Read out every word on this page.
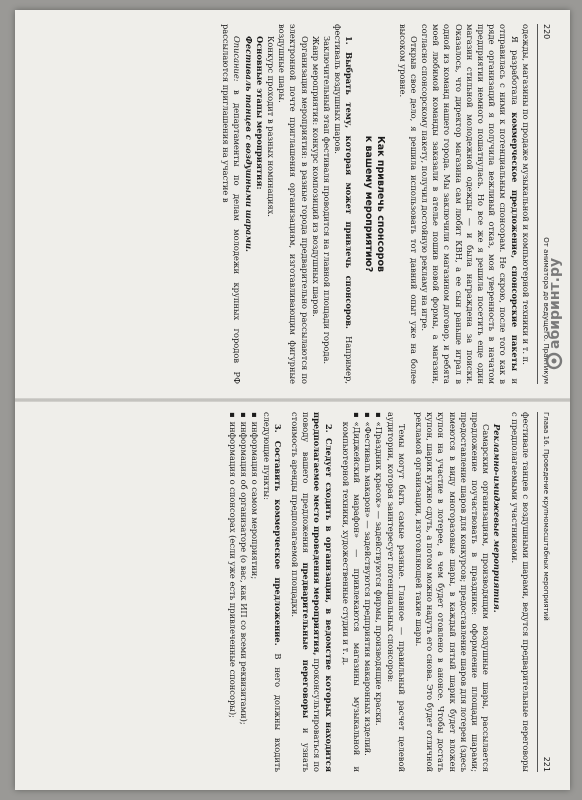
220
От аниматора до ведущего. Практикум

одежды, магазины по продаже музыкальной и компьютерной техники и т. п.

Я разработала коммерческое предложение, спонсорские пакеты и отправилась с ними к потенциальным спонсорам. Не скрою, после того как в ряде организаций я получила вежливый отказ, моя уверенность в начатом предприятии немного пошатнулась. Но все же я решила посетить еще один магазин стильной молодежной одежды — и была награждена за поиски. Оказалось, что директор магазина сам любит КВН, а ее сын раньше играл в одной из команд нашего города. Мы заключили с магазином договор, и ребята моей любимой команды заказали в ателье пошив новой формы, а магазин, согласно спонсорскому пакету, получил достойную рекламу на игре.

Открыв свое дело, я решила использовать тот давний опыт уже на более высоком уровне.

Как привлечь спонсоров
к вашему мероприятию?

1. Выбрать тему, которая может привлечь спонсоров. Например, фестиваль воздушных шаров.

Заключительный этап фестиваля проводится на главной площади города.

Жанр мероприятия: конкурс композиций из воздушных шаров.

Организация мероприятия: в разные города предварительно рассылаются по электронной почте приглашения организациям, изготавливающим фигурные воздушные шары.

Конкурс проходит в разных номинациях.

Основные этапы мероприятия:

Фестиваль танцев с воздушными шарами.

Описание: в департаменты по делам молодежи крупных городов РФ рассылаются приглашения на участие в

Глава 16. Проведение крупномасштабных мероприятий
221

фестивале танцев с воздушными шарами, ведутся предварительные переговоры с предполагаемыми участниками.

Рекламно-имиджевые мероприятия.

Самарским организациям, производящим воздушные шары, рассылается предложение поучаствовать в празднике: оформление площади шарами; предоставление шаров для конкурсов; предоставление шаров для лотереи (здесь имеются в виду многоразовые шары, в каждый пятый шарик будет вложен купон на участие в лотерее, а чем будет отовлено в анонсе. Чтобы достать купон, шарик нужно сдуть, а потом можно надуть его снова. Это будет отличной рекламой организации, изготовляющей такие шары.

Темы могут быть самые разные. Главное — правильный расчет целевой аудитории, которая заинтересует потенциальных спонсоров:

▪
«Праздник красок» — задействуются фирмы, производящие краски.
▪
«Фестиваль макарон» — задействуются предприятия макаронных изделий.
▪
«Диджейский марафон» — привлекаются магазины музыкальной и компьютерной техники, художественные студии и т. д.

2. Следует сходить в организации, в ведомстве которых находится предполагаемое место проведения мероприятия, проконсультироваться по поводу вашего предложения предварительные переговоры и узнать стоимость аренды предполагаемой площадки.

3. Составить коммерческое предложение. В него должны входить следующие пункты:

▪
информация о самом мероприятии;
▪
информация об организаторе (о вас, как ИП со всеми реквизитами);
▪
информация о спонсорах (если уже есть привлеченные спонсоры);
абиринт.ру
